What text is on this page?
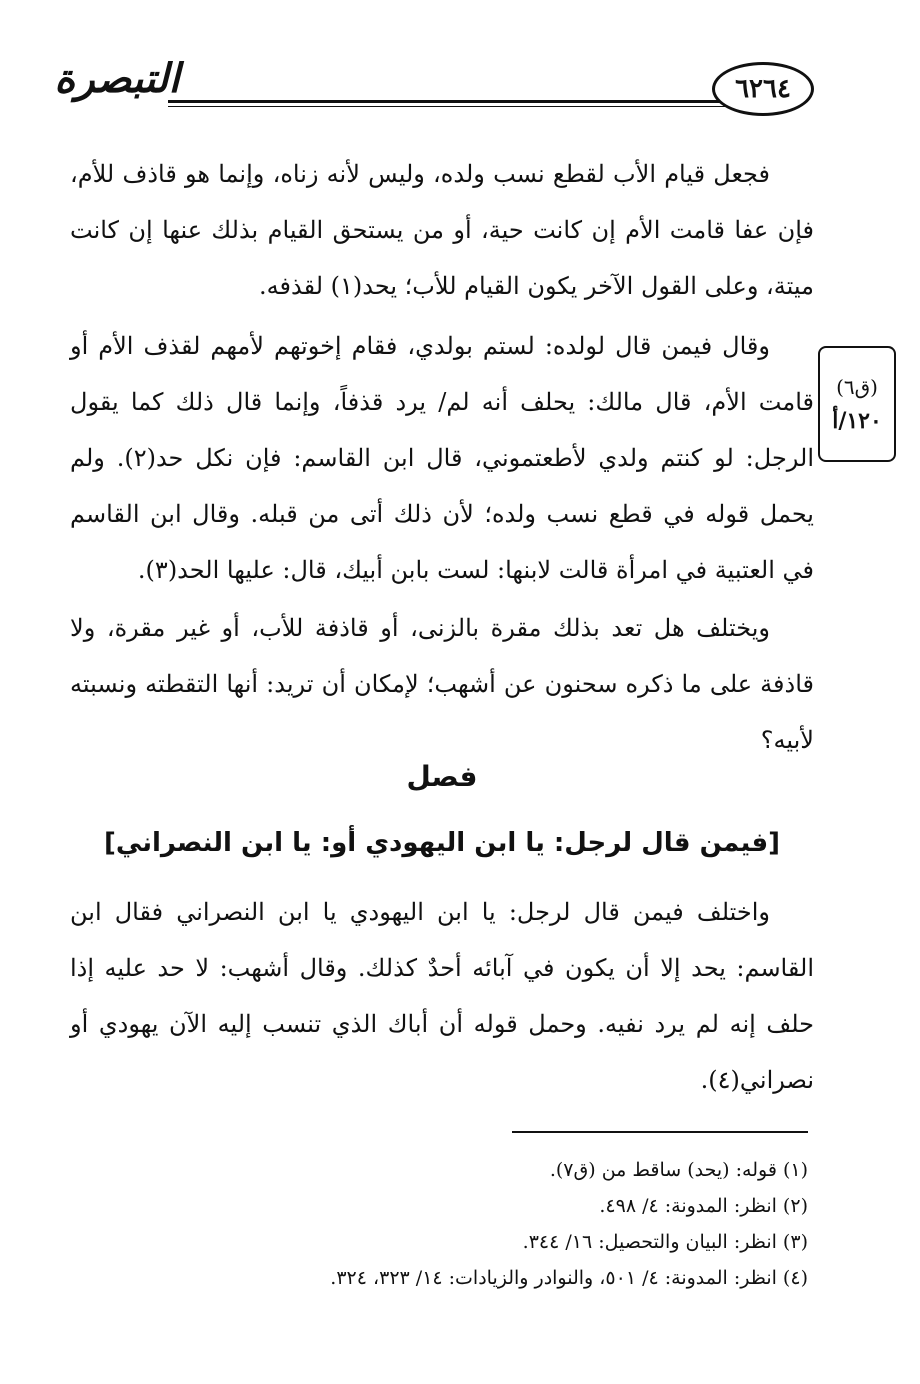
التبصرة	٦٢٦٤

فجعل قيام الأب لقطع نسب ولده، وليس لأنه زناه، وإنما هو قاذف للأم، فإن عفا قامت الأم إن كانت حية، أو من يستحق القيام بذلك عنها إن كانت ميتة، وعلى القول الآخر يكون القيام للأب؛ يحد(١) لقذفه.

وقال فيمن قال لولده: لستم بولدي، فقام إخوتهم لأمهم لقذف الأم أو قامت الأم، قال مالك: يحلف أنه لم/ يرد قذفاً، وإنما قال ذلك كما يقول الرجل: لو كنتم ولدي لأطعتموني، قال ابن القاسم: فإن نكل حد(٢). ولم يحمل قوله في قطع نسب ولده؛ لأن ذلك أتى من قبله. وقال ابن القاسم في العتبية في امرأة قالت لابنها: لست بابن أبيك، قال: عليها الحد(٣).

(ق٦)
١٢٠/أ

ويختلف هل تعد بذلك مقرة بالزنى، أو قاذفة للأب، أو غير مقرة، ولا قاذفة على ما ذكره سحنون عن أشهب؛ لإمكان أن تريد: أنها التقطته ونسبته لأبيه؟

فصل
[فيمن قال لرجل: يا ابن اليهودي أو: يا ابن النصراني]

واختلف فيمن قال لرجل: يا ابن اليهودي يا ابن النصراني فقال ابن القاسم: يحد إلا أن يكون في آبائه أحدٌ كذلك. وقال أشهب: لا حد عليه إذا حلف إنه لم يرد نفيه. وحمل قوله أن أباك الذي تنسب إليه الآن يهودي أو نصراني(٤).

(١) قوله: (يحد) ساقط من (ق٧).

(٢) انظر: المدونة: ٤/ ٤٩٨.

(٣) انظر: البيان والتحصيل: ١٦/ ٣٤٤.

(٤) انظر: المدونة: ٤/ ٥٠١، والنوادر والزيادات: ١٤/ ٣٢٣، ٣٢٤.
